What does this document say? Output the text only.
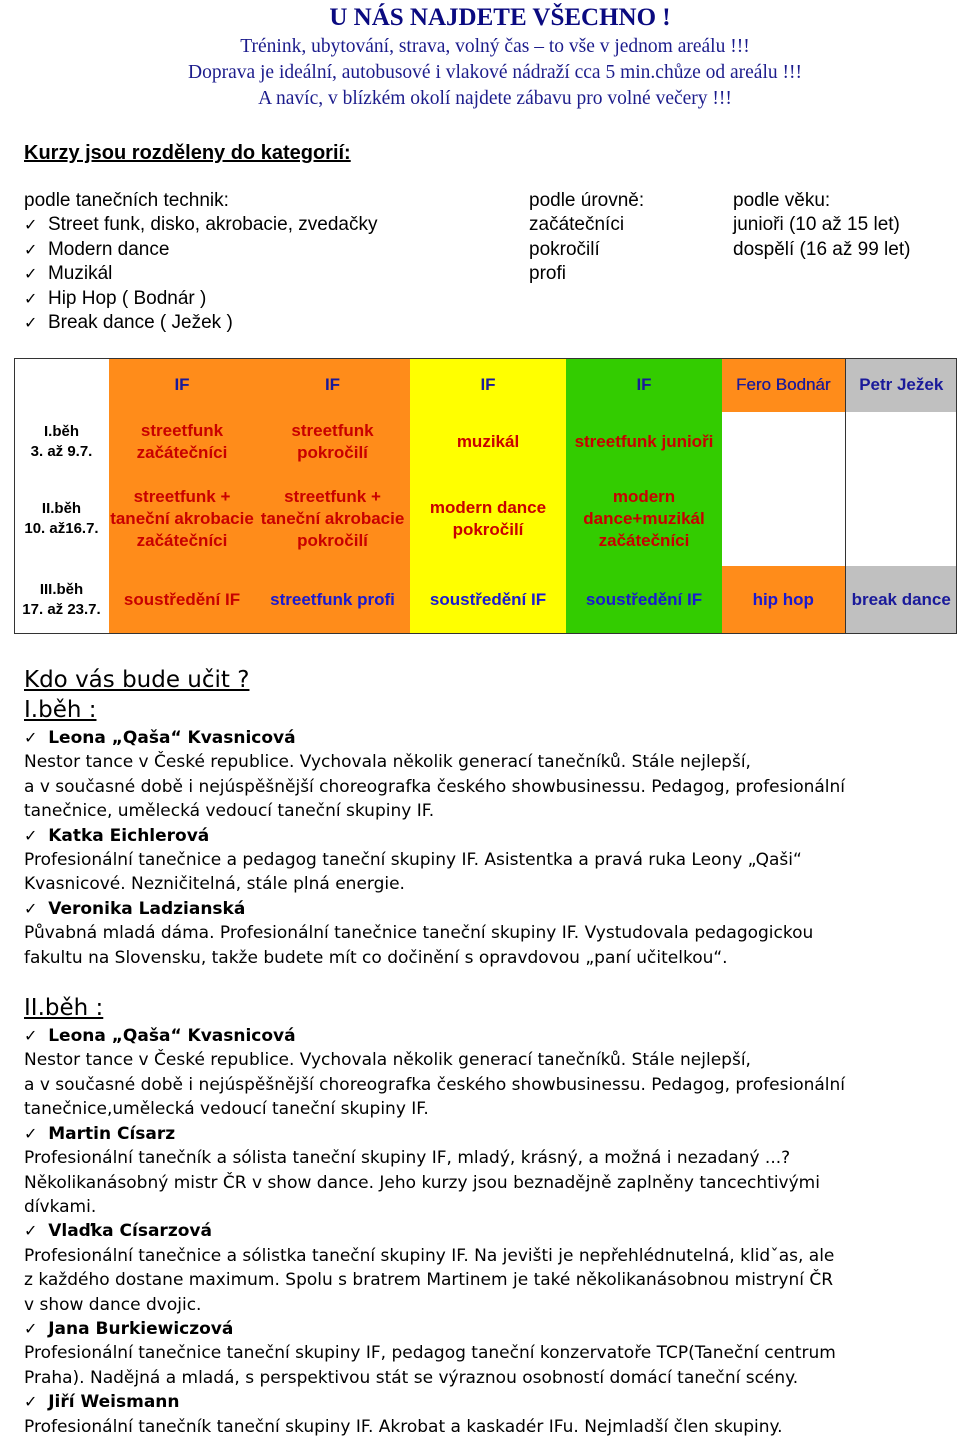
U NÁS NAJDETE VŠECHNO !
Trénink, ubytování, strava, volný čas – to vše v jednom areálu !!!
Doprava je ideální, autobusové i vlakové nádraží cca 5 min.chůze od areálu !!!
A navíc, v blízkém okolí najdete zábavu pro volné večery !!!
Kurzy jsou rozděleny do kategorií:
podle tanečních technik:
✓ Street funk, disko, akrobacie, zvedačky
✓ Modern dance
✓ Muzikál
✓ Hip Hop ( Bodnár )
✓ Break dance ( Ježek )
podle úrovně:
začátečníci
pokročilí
profi
podle věku:
junioři (10 až 15 let)
dospělí (16 až 99 let)
	IF	IF	IF	IF	Fero Bodnár	Petr Ježek
I.běh
3. až 9.7.	streetfunk začátečníci	streetfunk pokročilí	muzikál	streetfunk junioři		
II.běh
10. až16.7.	streetfunk + taneční akrobacie začátečníci	streetfunk + taneční akrobacie pokročilí	modern dance pokročilí	modern dance+muzikál začátečníci		
III.běh
17. až 23.7.	soustředění IF	streetfunk profi	soustředění IF	soustředění IF	hip hop	break dance
Kdo vás bude učit ?
I.běh :

✓ Leona „Qaša“ Kvasnicová

Nestor tance v České republice. Vychovala několik generací tanečníků. Stále nejlepší,

a v současné době i nejúspěšnější choreografka českého showbusinessu. Pedagog, profesionální

tanečnice, umělecká vedoucí taneční skupiny IF.

✓ Katka Eichlerová

Profesionální tanečnice a pedagog taneční skupiny IF. Asistentka a pravá ruka Leony „Qaši“

Kvasnicové. Nezničitelná, stále plná energie.

✓ Veronika Ladzianská

Půvabná mladá dáma. Profesionální tanečnice taneční skupiny IF. Vystudovala pedagogickou

fakultu na Slovensku, takže budete mít co dočinění s opravdovou „paní učitelkou“.

II.běh :

✓ Leona „Qaša“ Kvasnicová

Nestor tance v České republice. Vychovala několik generací tanečníků. Stále nejlepší,

a v současné době i nejúspěšnější choreografka českého showbusinessu. Pedagog, profesionální

tanečnice,umělecká vedoucí taneční skupiny IF.

✓ Martin Císarz

Profesionální tanečník a sólista taneční skupiny IF, mladý, krásný, a možná i nezadaný ...?

Několikanásobný mistr ČR v show dance. Jeho kurzy jsou beznadějně zaplněny tancechtivými

dívkami.

✓ Vlaďka Císarzová

Profesionální tanečnice a sólistka taneční skupiny IF. Na jevišti je nepřehlédnutelná, klidˇas, ale

z každého dostane maximum. Spolu s bratrem Martinem je také několikanásobnou mistryní ČR

v show dance dvojic.

✓ Jana Burkiewiczová

Profesionální tanečnice taneční skupiny IF, pedagog taneční konzervatoře TCP(Taneční centrum

Praha). Nadějná a mladá, s perspektivou stát se výraznou osobností domácí taneční scény.

✓ Jiří Weismann

Profesionální tanečník taneční skupiny IF. Akrobat a kaskadér IFu. Nejmladší člen skupiny.
